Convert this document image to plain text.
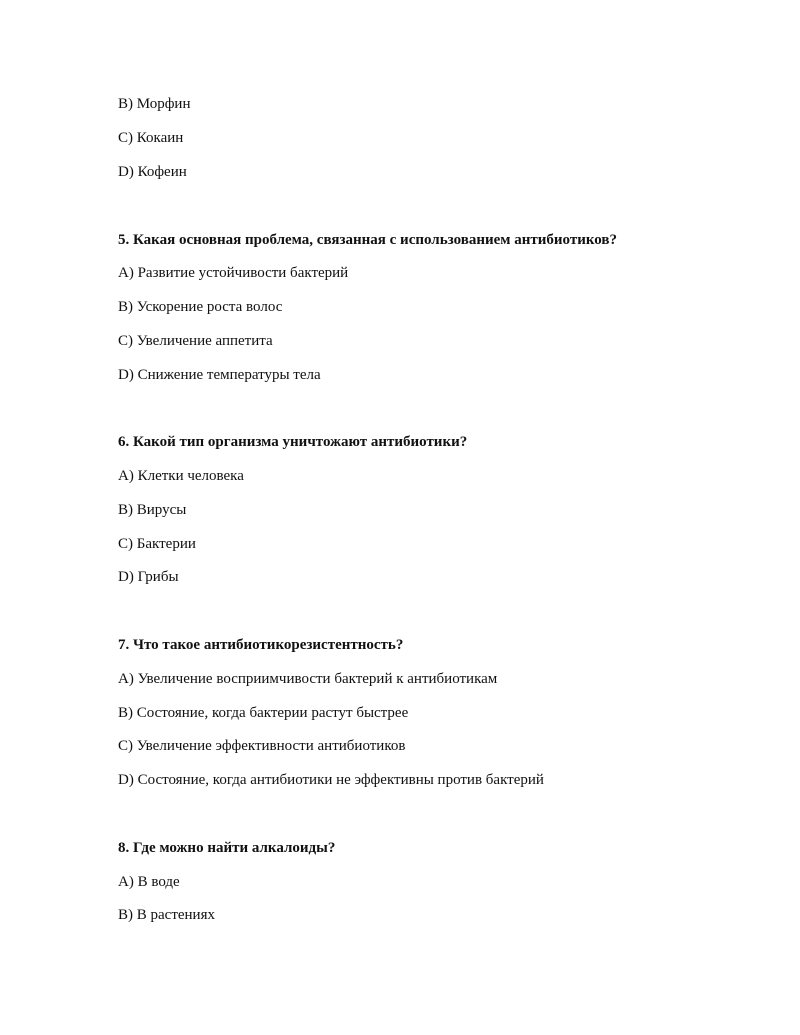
B) Морфин
C) Кокаин
D) Кофеин
5. Какая основная проблема, связанная с использованием антибиотиков?
A) Развитие устойчивости бактерий
B) Ускорение роста волос
C) Увеличение аппетита
D) Снижение температуры тела
6. Какой тип организма уничтожают антибиотики?
A) Клетки человека
B) Вирусы
C) Бактерии
D) Грибы
7. Что такое антибиотикорезистентность?
A) Увеличение восприимчивости бактерий к антибиотикам
B) Состояние, когда бактерии растут быстрее
C) Увеличение эффективности антибиотиков
D) Состояние, когда антибиотики не эффективны против бактерий
8. Где можно найти алкалоиды?
A) В воде
B) В растениях
